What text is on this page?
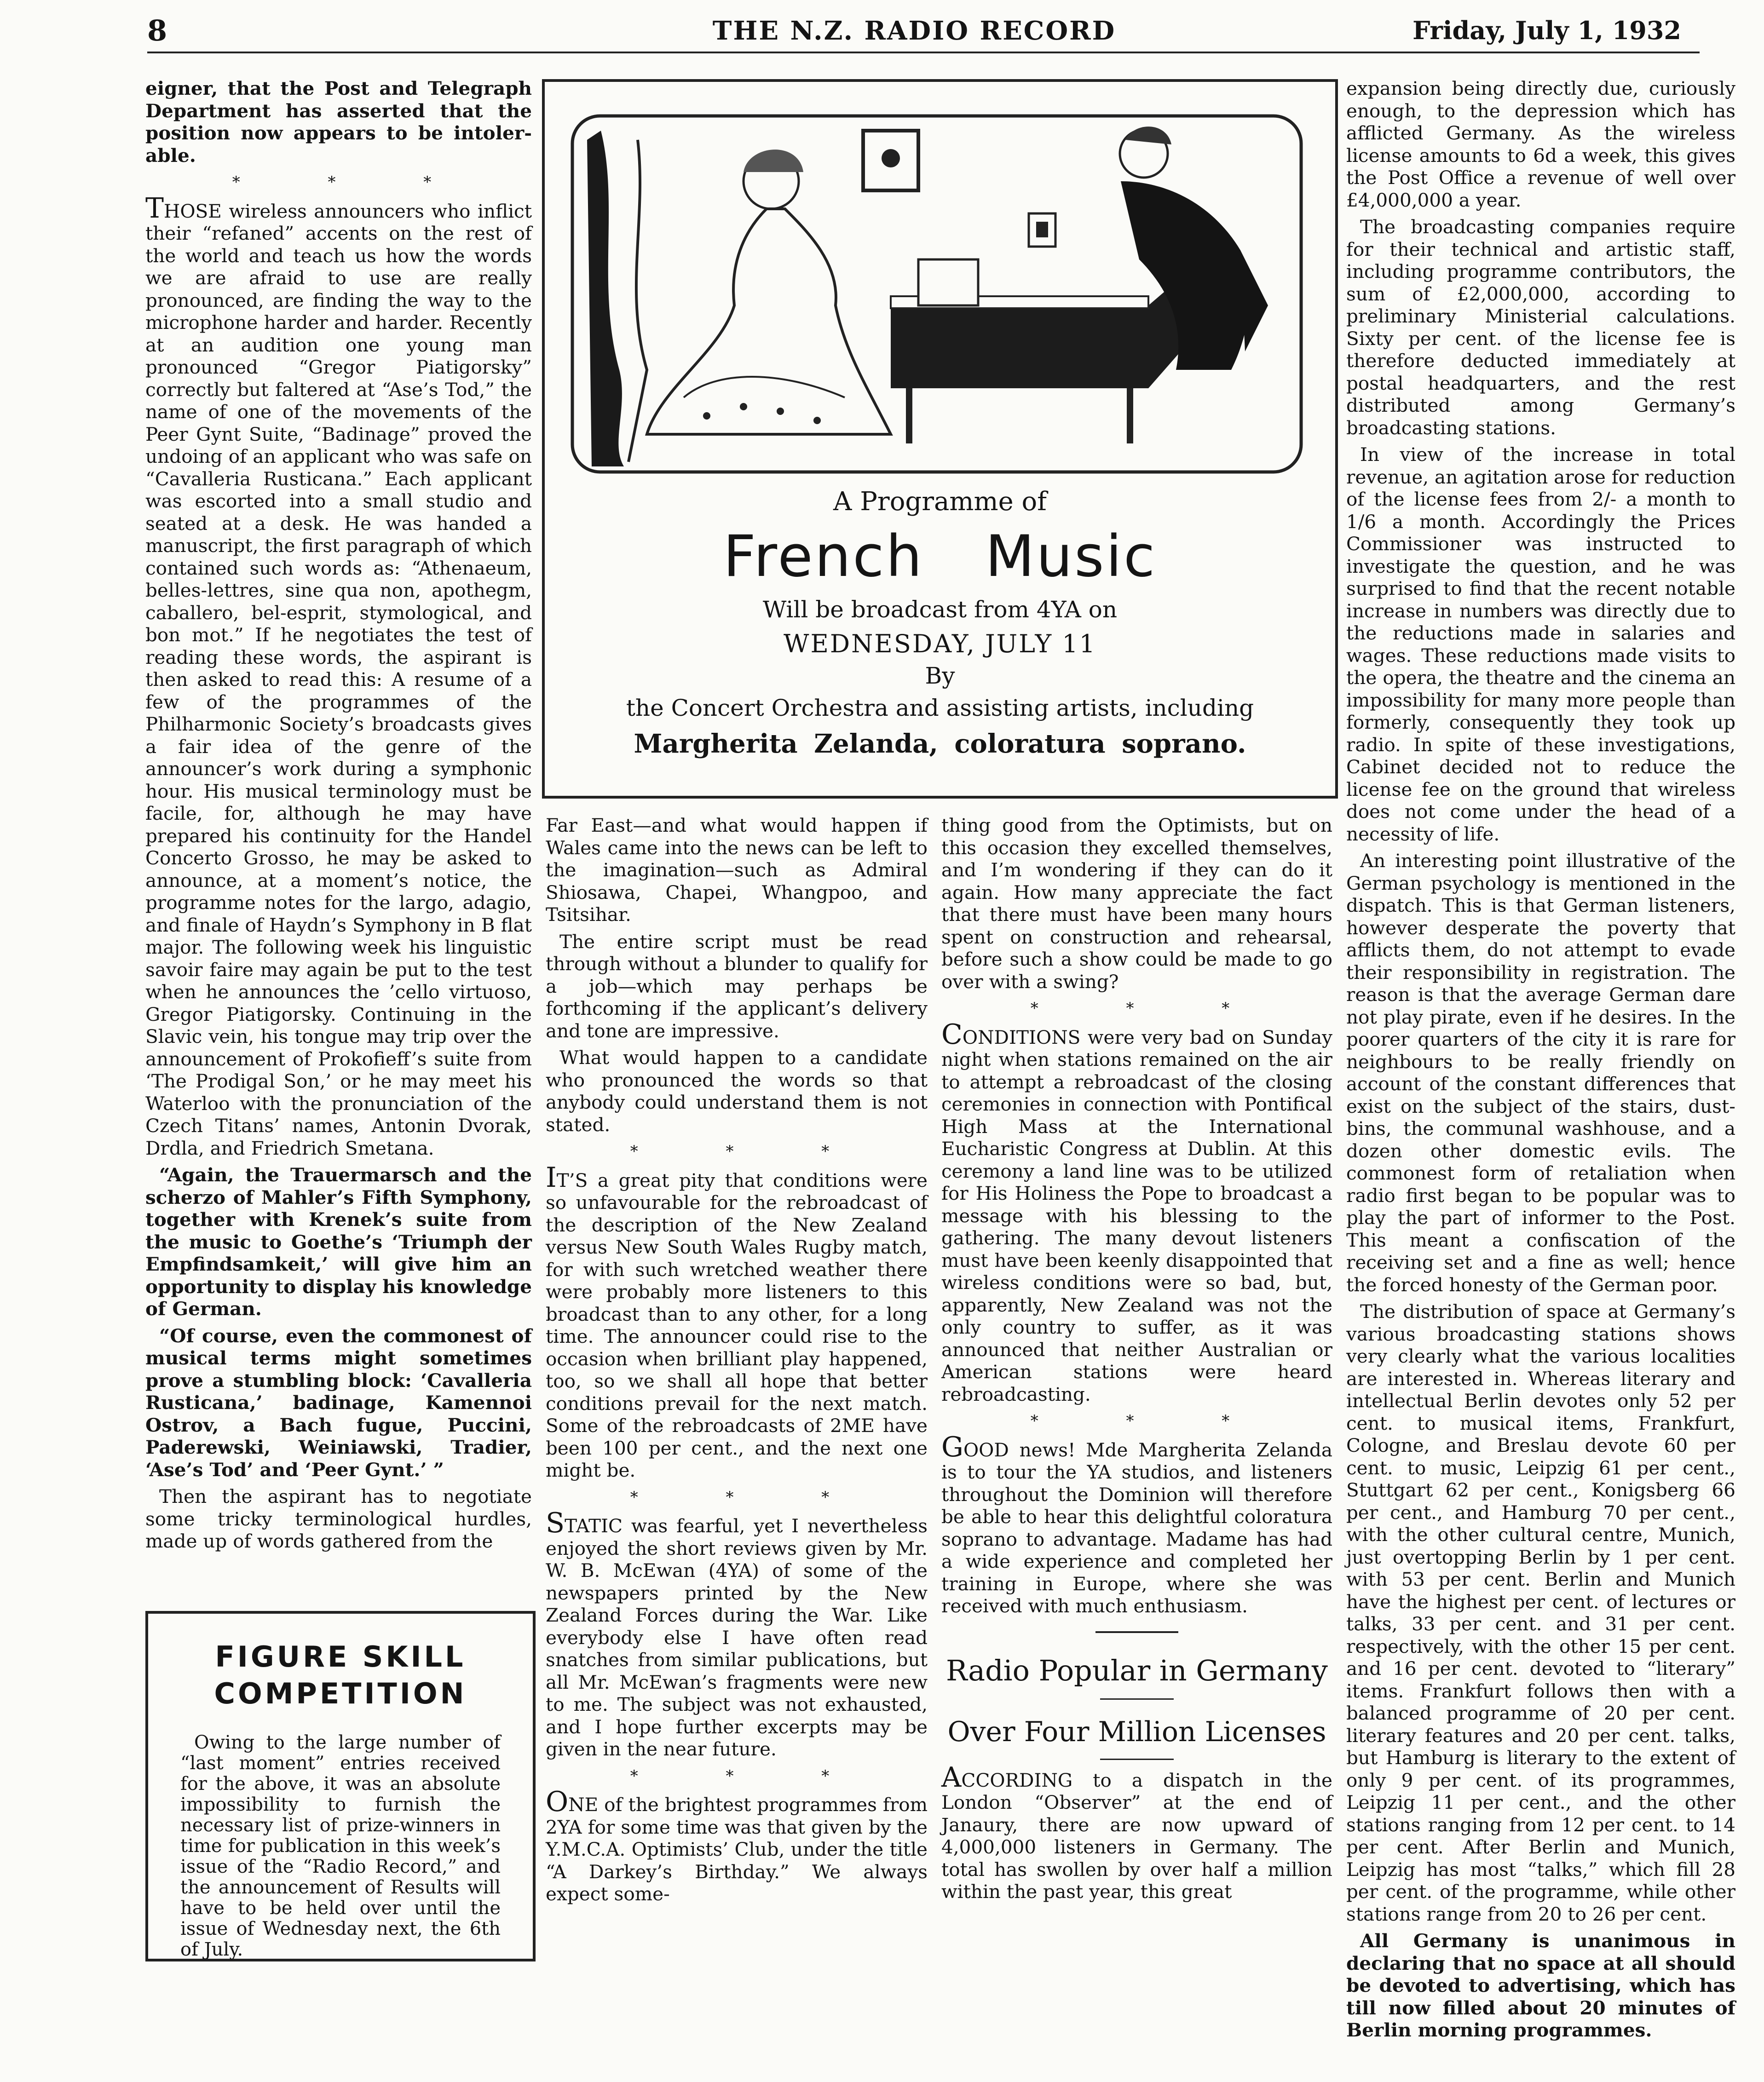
8	THE N.Z. RADIO RECORD	Friday, July 1, 1932

eigner, that the Post and Telegraph Department has asserted that the position now appears to be intoler-able.

* * *

THOSE wireless announcers who inflict their “refaned” accents on the rest of the world and teach us how the words we are afraid to use are really pronounced, are finding the way to the microphone harder and harder. Recently at an audition one young man pronounced “Gregor Piatigorsky” correctly but faltered at “Ase’s Tod,” the name of one of the movements of the Peer Gynt Suite, “Badinage” proved the undoing of an applicant who was safe on “Cavalleria Rusticana.” Each applicant was escorted into a small studio and seated at a desk. He was handed a manuscript, the first paragraph of which contained such words as: “Athenaeum, belles-lettres, sine qua non, apothegm, caballero, bel-esprit, stymological, and bon mot.” If he negotiates the test of reading these words, the aspirant is then asked to read this: A resume of a few of the programmes of the Philharmonic Society’s broadcasts gives a fair idea of the genre of the announcer’s work during a symphonic hour. His musical terminology must be facile, for, although he may have prepared his continuity for the Handel Concerto Grosso, he may be asked to announce, at a moment’s notice, the programme notes for the largo, adagio, and finale of Haydn’s Symphony in B flat major. The following week his linguistic savoir faire may again be put to the test when he announces the ’cello virtuoso, Gregor Piatigorsky. Continuing in the Slavic vein, his tongue may trip over the announcement of Prokofieff’s suite from ‘The Prodigal Son,’ or he may meet his Waterloo with the pronunciation of the Czech Titans’ names, Antonin Dvorak, Drdla, and Friedrich Smetana.

“Again, the Trauermarsch and the scherzo of Mahler’s Fifth Symphony, together with Krenek’s suite from the music to Goethe’s ‘Triumph der Empfindsamkeit,’ will give him an opportunity to display his knowledge of German.

“Of course, even the commonest of musical terms might sometimes prove a stumbling block: ‘Cavalleria Rusticana,’ badinage, Kamennoi Ostrov, a Bach fugue, Puccini, Paderewski, Weiniawski, Tradier, ‘Ase’s Tod’ and ‘Peer Gynt.’ ”

Then the aspirant has to negotiate some tricky terminological hurdles, made up of words gathered from the

FIGURE SKILL
COMPETITION
Owing to the large number of “last moment” entries received for the above, it was an absolute impossibility to furnish the necessary list of prize-winners in time for publication in this week’s issue of the “Radio Record,” and the announcement of Results will have to be held over until the issue of Wednesday next, the 6th of July.
A Programme of
French Music
Will be broadcast from 4YA on
WEDNESDAY, JULY 11
By
the Concert Orchestra and assisting artists, including
Margherita Zelanda, coloratura soprano.

Far East—and what would happen if Wales came into the news can be left to the imagination—such as Admiral Shiosawa, Chapei, Whangpoo, and Tsitsihar.

The entire script must be read through without a blunder to qualify for a job—which may perhaps be forthcoming if the applicant’s delivery and tone are impressive.

What would happen to a candidate who pronounced the words so that anybody could understand them is not stated.

* * *

IT’S a great pity that conditions were so unfavourable for the rebroadcast of the description of the New Zealand versus New South Wales Rugby match, for with such wretched weather there were probably more listeners to this broadcast than to any other, for a long time. The announcer could rise to the occasion when brilliant play happened, too, so we shall all hope that better conditions prevail for the next match. Some of the rebroadcasts of 2ME have been 100 per cent., and the next one might be.

* * *

STATIC was fearful, yet I nevertheless enjoyed the short reviews given by Mr. W. B. McEwan (4YA) of some of the newspapers printed by the New Zealand Forces during the War. Like everybody else I have often read snatches from similar publications, but all Mr. McEwan’s fragments were new to me. The subject was not exhausted, and I hope further excerpts may be given in the near future.

* * *

ONE of the brightest programmes from 2YA for some time was that given by the Y.M.C.A. Optimists’ Club, under the title “A Darkey’s Birthday.” We always expect some-

thing good from the Optimists, but on this occasion they excelled themselves, and I’m wondering if they can do it again. How many appreciate the fact that there must have been many hours spent on construction and rehearsal, before such a show could be made to go over with a swing?

* * *

CONDITIONS were very bad on Sunday night when stations remained on the air to attempt a rebroadcast of the closing ceremonies in connection with Pontifical High Mass at the International Eucharistic Congress at Dublin. At this ceremony a land line was to be utilized for His Holiness the Pope to broadcast a message with his blessing to the gathering. The many devout listeners must have been keenly disappointed that wireless conditions were so bad, but, apparently, New Zealand was not the only country to suffer, as it was announced that neither Australian or American stations were heard rebroadcasting.

* * *

GOOD news! Mde Margherita Zelanda is to tour the YA studios, and listeners throughout the Dominion will therefore be able to hear this delightful coloratura soprano to advantage. Madame has had a wide experience and completed her training in Europe, where she was received with much enthusiasm.

Radio Popular in Germany
Over Four Million Licenses

ACCORDING to a dispatch in the London “Observer” at the end of Janaury, there are now upward of 4,000,000 listeners in Germany. The total has swollen by over half a million within the past year, this great

expansion being directly due, curiously enough, to the depression which has afflicted Germany. As the wireless license amounts to 6d a week, this gives the Post Office a revenue of well over £4,000,000 a year.

The broadcasting companies require for their technical and artistic staff, including programme contributors, the sum of £2,000,000, according to preliminary Ministerial calculations. Sixty per cent. of the license fee is therefore deducted immediately at postal headquarters, and the rest distributed among Germany’s broadcasting stations.

In view of the increase in total revenue, an agitation arose for reduction of the license fees from 2/- a month to 1/6 a month. Accordingly the Prices Commissioner was instructed to investigate the question, and he was surprised to find that the recent notable increase in numbers was directly due to the reductions made in salaries and wages. These reductions made visits to the opera, the theatre and the cinema an impossibility for many more people than formerly, consequently they took up radio. In spite of these investigations, Cabinet decided not to reduce the license fee on the ground that wireless does not come under the head of a necessity of life.

An interesting point illustrative of the German psychology is mentioned in the dispatch. This is that German listeners, however desperate the poverty that afflicts them, do not attempt to evade their responsibility in registration. The reason is that the average German dare not play pirate, even if he desires. In the poorer quarters of the city it is rare for neighbours to be really friendly on account of the constant differences that exist on the subject of the stairs, dust-bins, the communal washhouse, and a dozen other domestic evils. The commonest form of retaliation when radio first began to be popular was to play the part of informer to the Post. This meant a confiscation of the receiving set and a fine as well; hence the forced honesty of the German poor.

The distribution of space at Germany’s various broadcasting stations shows very clearly what the various localities are interested in. Whereas literary and intellectual Berlin devotes only 52 per cent. to musical items, Frankfurt, Cologne, and Breslau devote 60 per cent. to music, Leipzig 61 per cent., Stuttgart 62 per cent., Konigsberg 66 per cent., and Hamburg 70 per cent., with the other cultural centre, Munich, just overtopping Berlin by 1 per cent. with 53 per cent. Berlin and Munich have the highest per cent. of lectures or talks, 33 per cent. and 31 per cent. respectively, with the other 15 per cent. and 16 per cent. devoted to “literary” items. Frankfurt follows then with a balanced programme of 20 per cent. literary features and 20 per cent. talks, but Hamburg is literary to the extent of only 9 per cent. of its programmes, Leipzig 11 per cent., and the other stations ranging from 12 per cent. to 14 per cent. After Berlin and Munich, Leipzig has most “talks,” which fill 28 per cent. of the programme, while other stations range from 20 to 26 per cent.

All Germany is unanimous in declaring that no space at all should be devoted to advertising, which has till now filled about 20 minutes of Berlin morning programmes.
